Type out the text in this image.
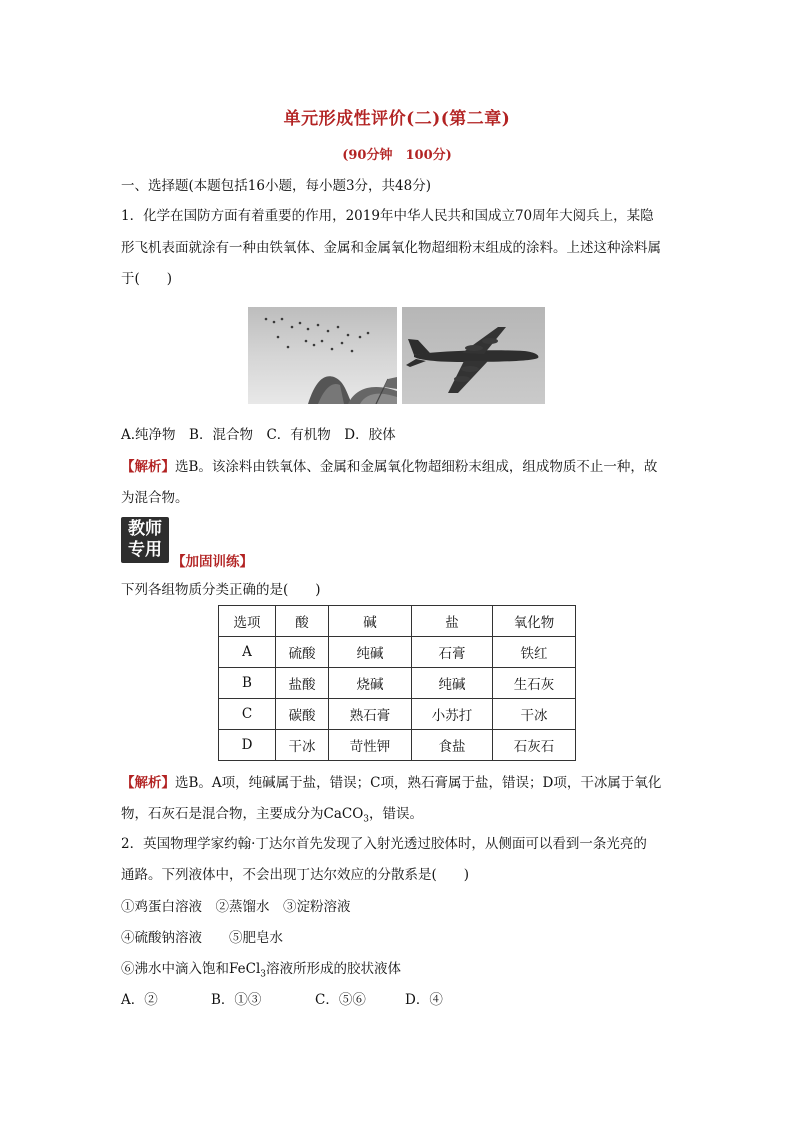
单元形成性评价(二)(第二章)
(90分钟　100分)
一、选择题(本题包括16小题，每小题3分，共48分)
1．化学在国防方面有着重要的作用，2019年中华人民共和国成立70周年大阅兵上，某隐
形飞机表面就涂有一种由铁氧体、金属和金属氧化物超细粉末组成的涂料。上述这种涂料属
于(　　)
A.纯净物　B．混合物　C．有机物　D．胶体
【解析】选B。该涂料由铁氧体、金属和金属氧化物超细粉末组成，组成物质不止一种，故
为混合物。
教师
专用
【加固训练】
下列各组物质分类正确的是(　　)
选项	酸	碱	盐	氧化物
A	硫酸	纯碱	石膏	铁红
B	盐酸	烧碱	纯碱	生石灰
C	碳酸	熟石膏	小苏打	干冰
D	干冰	苛性钾	食盐	石灰石
【解析】选B。A项，纯碱属于盐，错误；C项，熟石膏属于盐，错误；D项，干冰属于氧化
物，石灰石是混合物，主要成分为CaCO$_3$，错误。
2．英国物理学家约翰·丁达尔首先发现了入射光透过胶体时，从侧面可以看到一条光亮的
通路。下列液体中，不会出现丁达尔效应的分散系是(　　)
①鸡蛋白溶液　②蒸馏水　③淀粉溶液
④硫酸钠溶液　　⑤肥皂水
⑥沸水中滴入饱和FeCl$_3$溶液所形成的胶状液体
A．②	B．①③	C．⑤⑥	D．④
